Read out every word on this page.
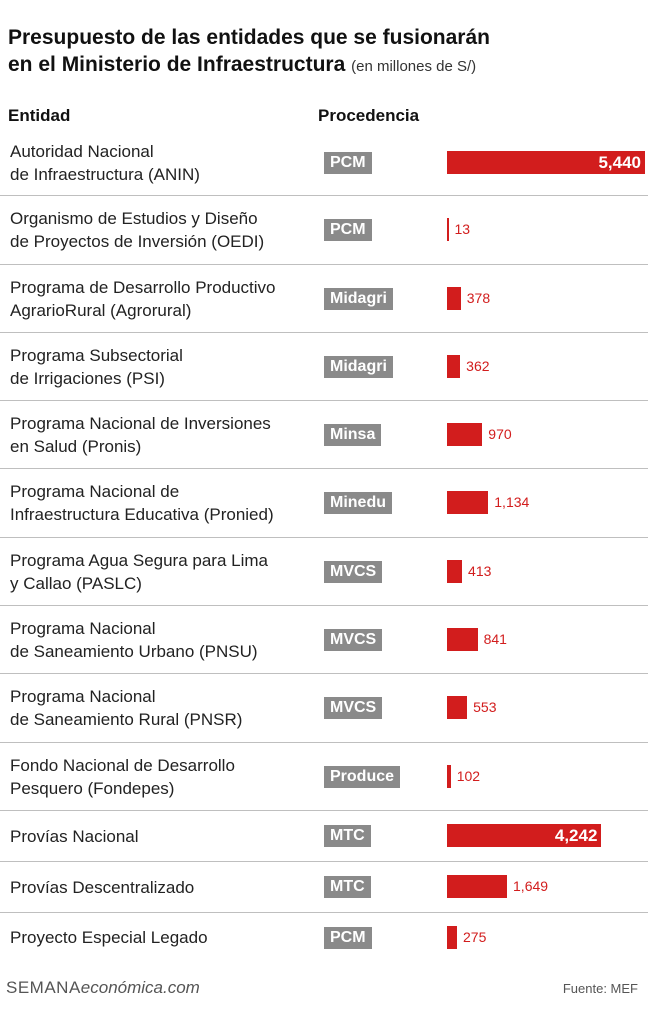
Presupuesto de las entidades que se fusionarán
en el Ministerio de Infraestructura (en millones de S/)
Entidad	Procedencia
Autoridad Nacional
de Infraestructura (ANIN)
PCM	5,440
Organismo de Estudios y Diseño
de Proyectos de Inversión (OEDI)
PCM	13
Programa de Desarrollo Productivo
AgrarioRural (Agrorural)
Midagri	378
Programa Subsectorial
de Irrigaciones (PSI)
Midagri	362
Programa Nacional de Inversiones
en Salud (Pronis)
Minsa	970
Programa Nacional de
Infraestructura Educativa (Pronied)
Minedu	1,134
Programa Agua Segura para Lima
y Callao (PASLC)
MVCS	413
Programa Nacional
de Saneamiento Urbano (PNSU)
MVCS	841
Programa Nacional
de Saneamiento Rural (PNSR)
MVCS	553
Fondo Nacional de Desarrollo
Pesquero (Fondepes)
Produce	102
Provías Nacional	MTC	4,242
Provías Descentralizado	MTC	1,649
Proyecto Especial Legado	PCM	275
SEMANAeconómica.com	Fuente: MEF
